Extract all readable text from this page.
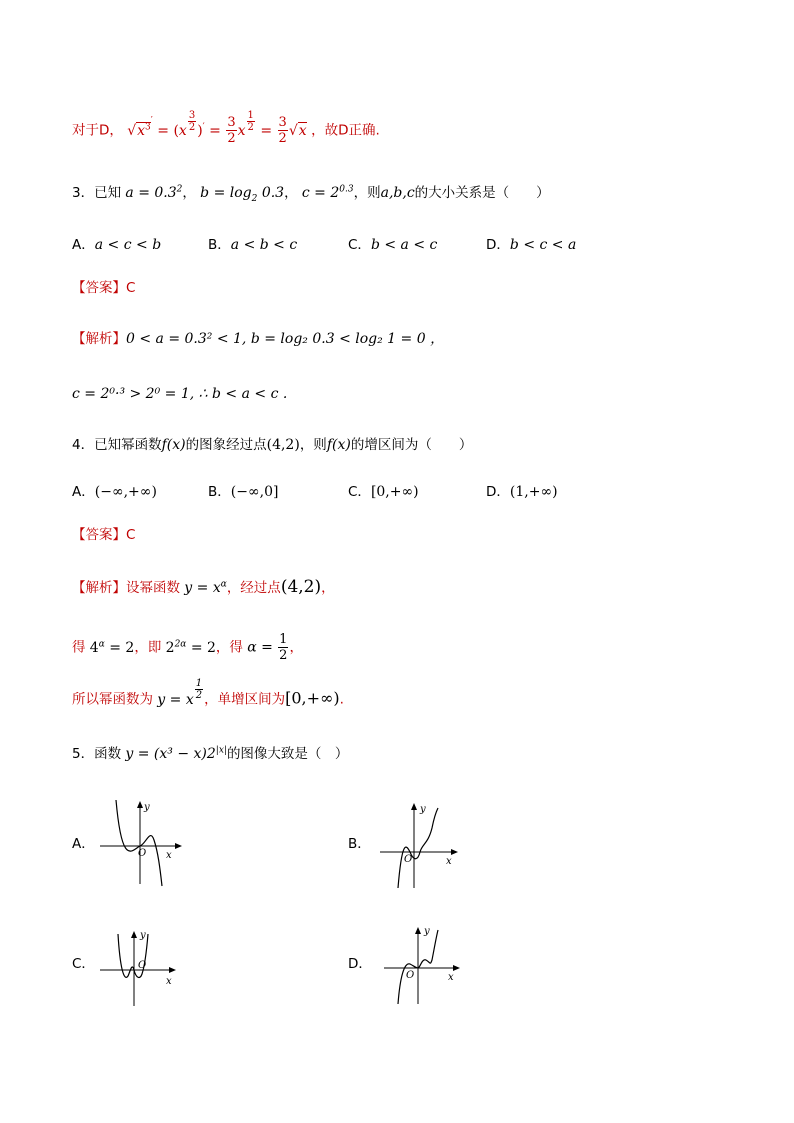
对于D， $√x^{3'} = (x \frac{3}{2} )' = \frac{3}{2}$ x $\frac{1}{2} = \frac{3}{2} √x$ ，故D正确.
3．已知 $a = 0.3^2$， $b = \log_2 0.3$， $c = 2^{0.3}$，则a,b,c的大小关系是（　　）
A．a < c < b	B．a < b < c	C．b < a < c	D．b < c < a
【答案】C
【解析】0 < a = 0.3² < 1, b = log₂ 0.3 < log₂ 1 = 0 ，
c = 2⁰·³ > 2⁰ = 1, ∴ b < a < c .
4．已知幂函数f(x)的图象经过点(4,2)，则f(x)的增区间为（　　）
A．(−∞,+∞)	B．(−∞,0]	C．[0,+∞)	D．(1,+∞)
【答案】C
【解析】设幂函数 $y = x^\alpha$，经过点(4,2)，
得 $4^\alpha = 2$，即 $2^{2\alpha} = 2$，得 $\alpha = \frac{1}{2}$ ，
所以幂函数为 y = x $\frac{1}{2}$ ，单增区间为[0,+∞).
5．函数 $y = (x^3 - x)2^{|x|}$的图像大致是（　）
A．
y
O x
B．
y
O	x
C．
y
O
x
D．
y
O	x
